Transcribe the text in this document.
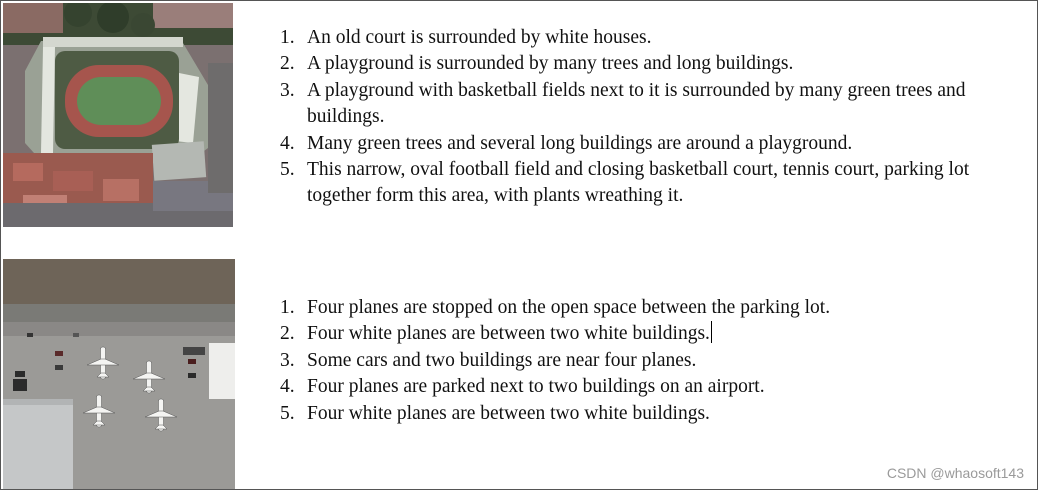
1. An old court is surrounded by white houses.
2. A playground is surrounded by many trees and long buildings.
3. A playground with basketball fields next to it is surrounded by many green trees and buildings.
4. Many green trees and several long buildings are around a playground.
5. This narrow, oval football field and closing basketball court, tennis court, parking lot together form this area, with plants wreathing it.
1. Four planes are stopped on the open space between the parking lot.
2. Four white planes are between two white buildings.
3. Some cars and two buildings are near four planes.
4. Four planes are parked next to two buildings on an airport.
5. Four white planes are between two white buildings.
CSDN @whaosoft143
